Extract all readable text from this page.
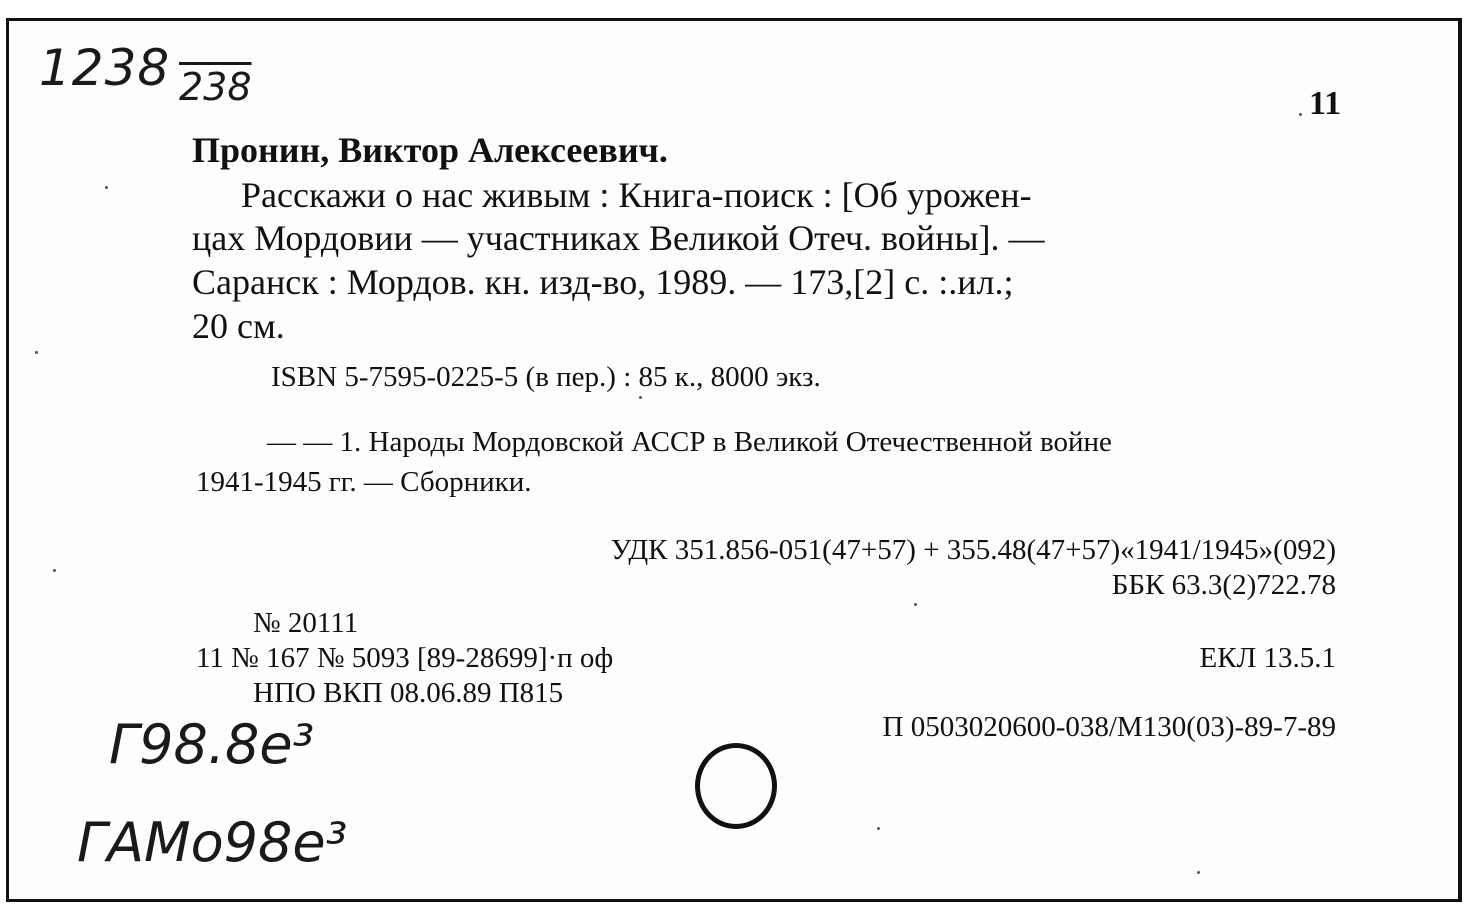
1238 238	11
Пронин, Виктор Алексеевич.
Расскажи о нас живым : Книга-поиск : [Об урожен-
цах Мордовии — участниках Великой Отеч. войны]. —
Саранск : Мордов. кн. изд-во, 1989. — 173,[2] с. :.ил.;
20 см.
ISBN 5-7595-0225-5 (в пер.) : 85 к., 8000 экз.
— — 1. Народы Мордовской АССР в Великой Отечественной войне
1941-1945 гг. — Сборники.
УДК 351.856-051(47+57) + 355.48(47+57)«1941/1945»(092)
ББК 63.3(2)722.78
№ 20111
11 № 167 № 5093 [89-28699]·п оф	ЕКЛ 13.5.1
НПО ВКП 08.06.89 П815
П 0503020600-038/М130(03)-89-7-89
Г98.8е³
ГАМо98е³
